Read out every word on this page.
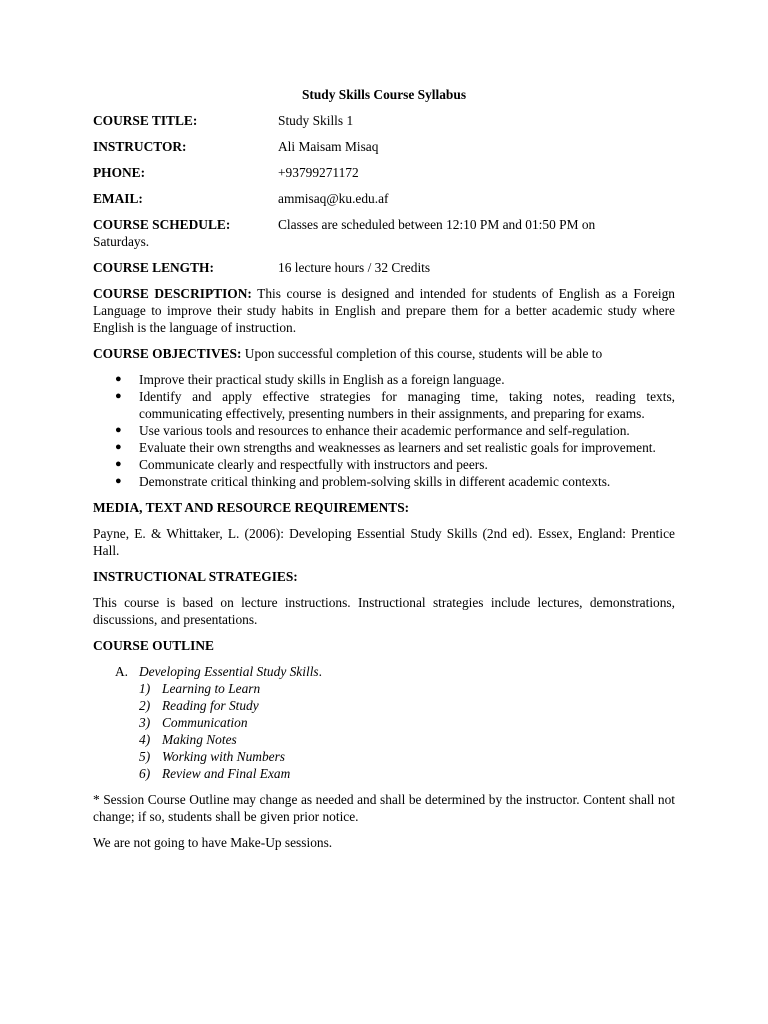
Study Skills Course Syllabus
COURSE TITLE:	Study Skills 1
INSTRUCTOR:	Ali Maisam Misaq
PHONE:	+93799271172
EMAIL:	ammisaq@ku.edu.af
COURSE SCHEDULE:	Classes are scheduled between 12:10 PM and 01:50 PM on
Saturdays.
COURSE LENGTH:	16 lecture hours / 32 Credits
COURSE DESCRIPTION: This course is designed and intended for students of English as a Foreign Language to improve their study habits in English and prepare them for a better academic study where English is the language of instruction.
COURSE OBJECTIVES: Upon successful completion of this course, students will be able to
● Improve their practical study skills in English as a foreign language.
● Identify and apply effective strategies for managing time, taking notes, reading texts, communicating effectively, presenting numbers in their assignments, and preparing for exams.
● Use various tools and resources to enhance their academic performance and self-regulation.
● Evaluate their own strengths and weaknesses as learners and set realistic goals for improvement.
● Communicate clearly and respectfully with instructors and peers.
● Demonstrate critical thinking and problem-solving skills in different academic contexts.
MEDIA, TEXT AND RESOURCE REQUIREMENTS:
Payne, E. & Whittaker, L. (2006): Developing Essential Study Skills (2nd ed). Essex, England: Prentice Hall.
INSTRUCTIONAL STRATEGIES:
This course is based on lecture instructions. Instructional strategies include lectures, demonstrations, discussions, and presentations.
COURSE OUTLINE
A. Developing Essential Study Skills.
1) Learning to Learn
2) Reading for Study
3) Communication
4) Making Notes
5) Working with Numbers
6) Review and Final Exam
* Session Course Outline may change as needed and shall be determined by the instructor. Content shall not change; if so, students shall be given prior notice.
We are not going to have Make-Up sessions.
